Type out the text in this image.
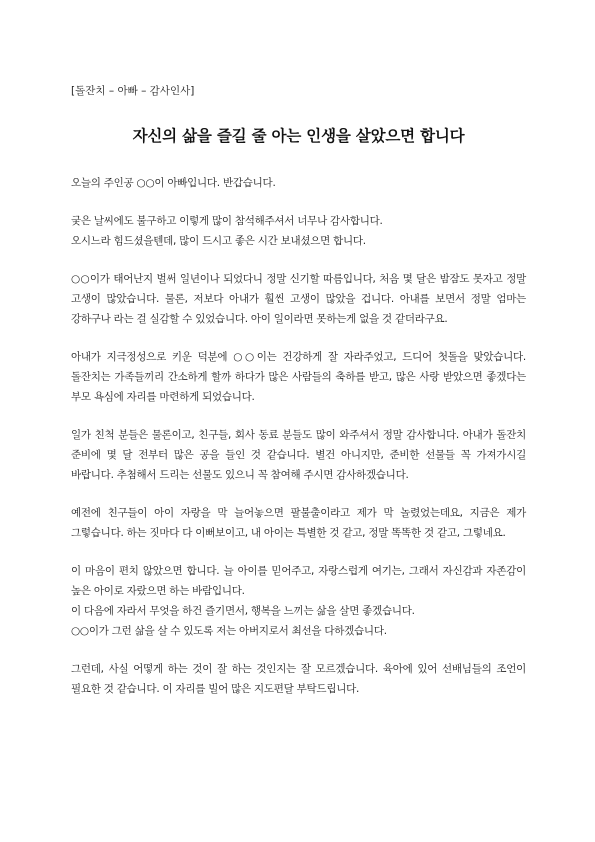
[돌잔치 – 아빠 – 감사인사]
자신의 삶을 즐길 줄 아는 인생을 살았으면 합니다
오늘의 주인공 ○○이 아빠입니다. 반갑습니다.
궂은 날씨에도 불구하고 이렇게 많이 참석해주셔서 너무나 감사합니다.
오시느라 힘드셨을텐데, 많이 드시고 좋은 시간 보내셨으면 합니다.
○○이가 태어난지 벌써 일년이나 되었다니 정말 신기할 따름입니다, 처음 몇 달은 밤잠도 못자고 정말 고생이 많았습니다. 물론, 저보다 아내가 훨씬 고생이 많았을 겁니다. 아내를 보면서 정말 엄마는 강하구나 라는 걸 실감할 수 있었습니다. 아이 일이라면 못하는게 없을 것 같더라구요.
아내가 지극정성으로 키운 덕분에 ○○이는 건강하게 잘 자라주었고, 드디어 첫돌을 맞았습니다. 돌잔치는 가족들끼리 간소하게 할까 하다가 많은 사람들의 축하를 받고, 많은 사랑 받았으면 좋겠다는 부모 욕심에 자리를 마련하게 되었습니다.
일가 친척 분들은 물론이고, 친구들, 회사 동료 분들도 많이 와주셔서 정말 감사합니다. 아내가 돌잔치 준비에 몇 달 전부터 많은 공을 들인 것 같습니다. 별건 아니지만, 준비한 선물들 꼭 가져가시길 바랍니다. 추첨해서 드리는 선물도 있으니 꼭 참여해 주시면 감사하겠습니다.
예전에 친구들이 아이 자랑을 막 늘어놓으면 팔불출이라고 제가 막 놀렸었는데요, 지금은 제가 그렇습니다. 하는 짓마다 다 이뻐보이고, 내 아이는 특별한 것 같고, 정말 똑똑한 것 같고, 그렇네요.
이 마음이 편치 않았으면 합니다. 늘 아이를 믿어주고, 자랑스럽게 여기는, 그래서 자신감과 자존감이 높은 아이로 자랐으면 하는 바람입니다.
이 다음에 자라서 무엇을 하건 즐기면서, 행복을 느끼는 삶을 살면 좋겠습니다.
○○이가 그런 삶을 살 수 있도록 저는 아버지로서 최선을 다하겠습니다.
그런데, 사실 어떻게 하는 것이 잘 하는 것인지는 잘 모르겠습니다. 육아에 있어 선배님들의 조언이 필요한 것 같습니다. 이 자리를 빌어 많은 지도편달 부탁드립니다.
